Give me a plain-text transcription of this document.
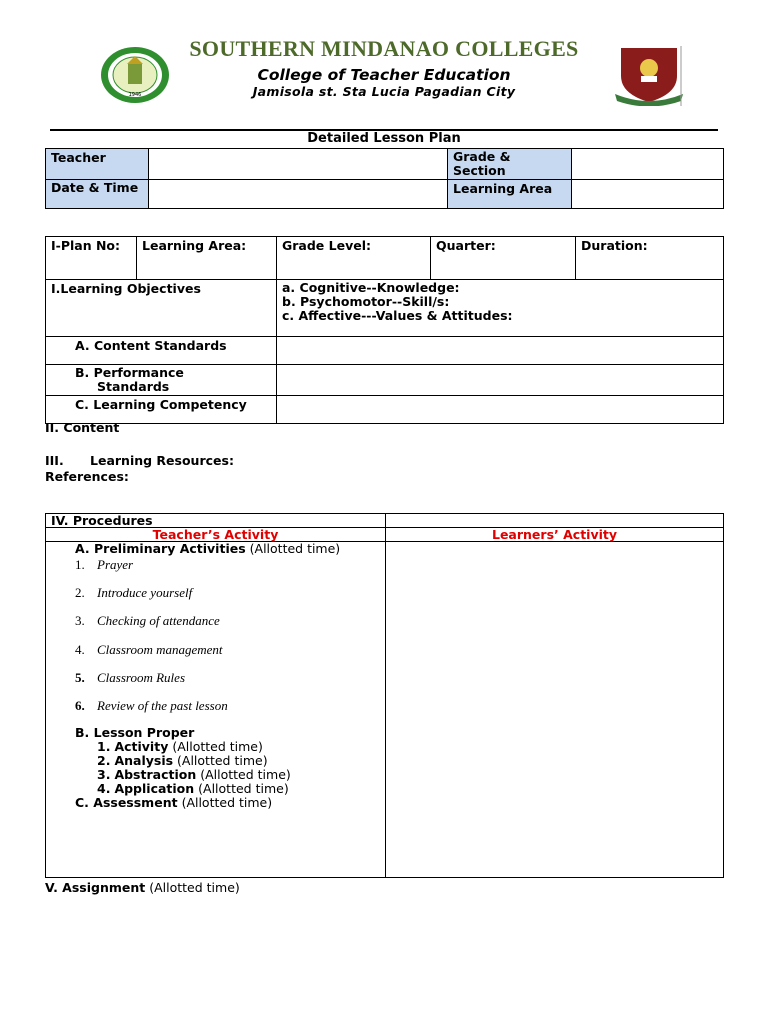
1946
SOUTHERN MINDANAO COLLEGES
College of Teacher Education
Jamisola st. Sta Lucia Pagadian City
Detailed Lesson Plan
Teacher		Grade & Section	
Date & Time		Learning Area	
I-Plan No:	Learning Area:	Grade Level:	Quarter:	Duration:
I.Learning Objectives		a. Cognitive--Knowledge:
b. Psychomotor--Skill/s:
c. Affective---Values & Attitudes:		

A. Content Standards				

B. Performance
Standards				

C. Learning Competency				
II. Content
III. Learning Resources:
References:
IV. Procedures	
Teacher’s Activity	Learners’ Activity

A. Preliminary Activities (Allotted time)
1. Prayer
2. Introduce yourself
3. Checking of attendance
4. Classroom management
5. Classroom Rules
6. Review of the past lesson
B. Lesson Proper
1. Activity (Allotted time)
2. Analysis (Allotted time)
3. Abstraction (Allotted time)
4. Application (Allotted time)
C. Assessment (Allotted time)
V. Assignment (Allotted time)
